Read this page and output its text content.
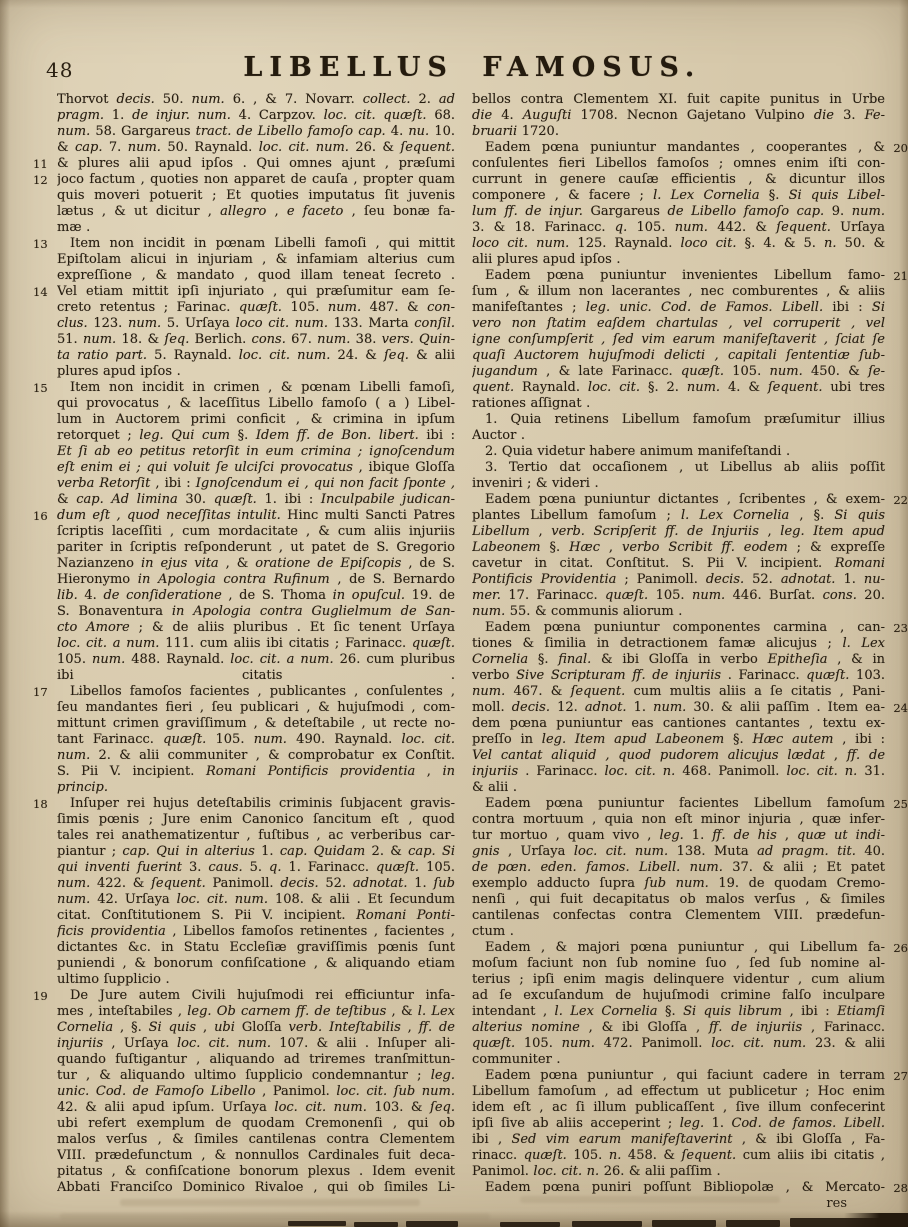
48	LIBELLUS FAMOSUS.
Thorvot decis. 50. num. 6. , & 7. Novarr. collect. 2. ad
pragm. 1. de injur. num. 4. Carpzov. loc. cit. quæſt. 68.
num. 58. Gargareus tract. de Libello famoſo cap. 4. nu. 10.
& cap. 7. num. 50. Raynald. loc. cit. num. 26. & ſequent.
& plures alii apud ipſos . Qui omnes ajunt , præſumi
joco factum , quoties non apparet de cauſa , propter quam
quis moveri potuerit ; Et quoties imputatus ſit juvenis
lætus , & ut dicitur , allegro , e faceto , ſeu bonæ fa-
mæ .
Item non incidit in pœnam Libelli famoſi , qui mittit
Epiſtolam alicui in injuriam , & infamiam alterius cum
expreſſione , & mandato , quod illam teneat ſecreto .
Vel etiam mittit ipſi injuriato , qui præſumitur eam ſe-
creto retentus ; Farinac. quæſt. 105. num. 487. & con-
clus. 123. num. 5. Urſaya loco cit. num. 133. Marta conſil.
51. num. 18. & ſeq. Berlich. cons. 67. num. 38. vers. Quin-
ta ratio part. 5. Raynald. loc. cit. num. 24. & ſeq. & alii
plures apud ipſos .
Item non incidit in crimen , & pœnam Libelli famoſi,
qui provocatus , & laceſſitus Libello famoſo ( a ) Libel-
lum in Auctorem primi conficit , & crimina in ipſum
retorquet ; leg. Qui cum §. Idem ff. de Bon. libert. ibi :
Et ſi ab eo petitus retorſit in eum crimina ; ignoſcendum
eſt enim ei ; qui voluit ſe ulciſci provocatus , ibique Gloſſa
verba Retorſit , ibi : Ignoſcendum ei , qui non facit ſponte ,
& cap. Ad limina 30. quæſt. 1. ibi : Inculpabile judican-
dum eſt , quod neceſſitas intulit. Hinc multi Sancti Patres
ſcriptis laceſſiti , cum mordacitate , & cum aliis injuriis
pariter in ſcriptis reſponderunt , ut patet de S. Gregorio
Nazianzeno in ejus vita , & oratione de Epiſcopis , de S.
Hieronymo in Apologia contra Rufinum , de S. Bernardo
lib. 4. de conſideratione , de S. Thoma in opuſcul. 19. de
S. Bonaventura in Apologia contra Guglielmum de San-
cto Amore ; & de aliis pluribus . Et ſic tenent Urſaya
loc. cit. a num. 111. cum aliis ibi citatis ; Farinacc. quæſt.
105. num. 488. Raynald. loc. cit. a num. 26. cum pluribus
ibi citatis .
Libellos famoſos facientes , publicantes , conſulentes ,
ſeu mandantes fieri , ſeu publicari , & hujuſmodi , com-
mittunt crimen graviſſimum , & deteſtabile , ut recte no-
tant Farinacc. quæſt. 105. num. 490. Raynald. loc. cit.
num. 2. & alii communiter , & comprobatur ex Conſtit.
S. Pii V. incipient. Romani Pontificis providentia , in
princip.
Inſuper rei hujus deteſtabilis criminis ſubjacent gravis-
ſimis pœnis ; Jure enim Canonico ſancitum eſt , quod
tales rei anathematizentur , fuſtibus , ac verberibus car-
piantur ; cap. Qui in alterius 1. cap. Quidam 2. & cap. Si
qui inventi fuerint 3. caus. 5. q. 1. Farinacc. quæſt. 105.
num. 422. & ſequent. Panimoll. decis. 52. adnotat. 1. ſub
num. 42. Urſaya loc. cit. num. 108. & alii . Et ſecundum
citat. Conſtitutionem S. Pii V. incipient. Romani Ponti-
ficis providentia , Libellos famoſos retinentes , facientes ,
dictantes &c. in Statu Eccleſiæ graviſſimis pœnis ſunt
puniendi , & bonorum confiſcatione , & aliquando etiam
ultimo ſupplicio .
De Jure autem Civili hujuſmodi rei efficiuntur infa-
mes , inteſtabiles , leg. Ob carnem ff. de teſtibus , & l. Lex
Cornelia , §. Si quis , ubi Gloſſa verb. Inteſtabilis , ff. de
injuriis , Urſaya loc. cit. num. 107. & alii . Inſuper ali-
quando fuſtigantur , aliquando ad triremes tranſmittun-
tur , & aliquando ultimo ſupplicio condemnantur ; leg.
unic. Cod. de Famoſo Libello , Panimol. loc. cit. ſub num.
42. & alii apud ipſum. Urſaya loc. cit. num. 103. & ſeq.
ubi refert exemplum de quodam Cremonenſi , qui ob
malos verſus , & ſimiles cantilenas contra Clementem
VIII. prædefunctum , & nonnullos Cardinales fuit deca-
pitatus , & confiſcatione bonorum plexus . Idem evenit
Abbati Franciſco Dominico Rivaloe , qui ob ſimiles Li-
11
12
13
14
15
16
17
18
19
bellos contra Clementem XI. fuit capite punitus in Urbe
die 4. Auguſti 1708. Necnon Gajetano Vulpino die 3. Fe-
bruarii 1720.
Eadem pœna puniuntur mandantes , cooperantes , &
conſulentes fieri Libellos famoſos ; omnes enim iſti con-
currunt in genere cauſæ efficientis , & dicuntur illos
componere , & facere ; l. Lex Cornelia §. Si quis Libel-
lum ff. de injur. Gargareus de Libello famoſo cap. 9. num.
3. & 18. Farinacc. q. 105. num. 442. & ſequent. Urſaya
loco cit. num. 125. Raynald. loco cit. §. 4. & 5. n. 50. &
alii plures apud ipſos .
Eadem pœna puniuntur invenientes Libellum famo-
ſum , & illum non lacerantes , nec comburentes , & aliis
manifeſtantes ; leg. unic. Cod. de Famos. Libell. ibi : Si
vero non ſtatim eaſdem chartulas , vel corruperit , vel
igne conſumpſerit , ſed vim earum manifeſtaverit , ſciat ſe
quaſi Auctorem hujuſmodi delicti , capitali ſententiæ ſub-
jugandum , & late Farinacc. quæſt. 105. num. 450. & ſe-
quent. Raynald. loc. cit. §. 2. num. 4. & ſequent. ubi tres
rationes aſſignat .
1. Quia retinens Libellum famoſum præſumitur illius
Auctor .
2. Quia videtur habere animum manifeſtandi .
3. Tertio dat occaſionem , ut Libellus ab aliis poſſit
inveniri ; & videri .
Eadem pœna puniuntur dictantes , ſcribentes , & exem-
plantes Libellum famoſum ; l. Lex Cornelia , §. Si quis
Libellum , verb. Scripſerit ff. de Injuriis , leg. Item apud
Labeonem §. Hæc , verbo Scribit ff. eodem ; & expreſſe
cavetur in citat. Conſtitut. S. Pii V. incipient. Romani
Pontificis Providentia ; Panimoll. decis. 52. adnotat. 1. nu-
mer. 17. Farinacc. quæſt. 105. num. 446. Burſat. cons. 20.
num. 55. & communis aliorum .
Eadem pœna puniuntur componentes carmina , can-
tiones & ſimilia in detractionem famæ alicujus ; l. Lex
Cornelia §. final. & ibi Gloſſa in verbo Epitheſia , & in
verbo Sive Scripturam ff. de injuriis . Farinacc. quæſt. 103.
num. 467. & ſequent. cum multis aliis a ſe citatis , Pani-
moll. decis. 12. adnot. 1. num. 30. & alii paſſim . Item ea-
dem pœna puniuntur eas cantiones cantantes , textu ex-
preſſo in leg. Item apud Labeonem §. Hæc autem , ibi :
Vel cantat aliquid , quod pudorem alicujus lædat , ff. de
injuriis . Farinacc. loc. cit. n. 468. Panimoll. loc. cit. n. 31.
& alii .
Eadem pœna puniuntur facientes Libellum famoſum
contra mortuum , quia non eſt minor injuria , quæ infer-
tur mortuo , quam vivo , leg. 1. ff. de his , quæ ut indi-
gnis , Urſaya loc. cit. num. 138. Muta ad pragm. tit. 40.
de pœn. eden. famos. Libell. num. 37. & alii ; Et patet
exemplo adducto ſupra ſub num. 19. de quodam Cremo-
nenſi , qui fuit decapitatus ob malos verſus , & ſimiles
cantilenas confectas contra Clementem VIII. prædefun-
ctum .
Eadem , & majori pœna puniuntur , qui Libellum fa-
moſum faciunt non ſub nomine ſuo , ſed ſub nomine al-
terius ; ipſi enim magis delinquere videntur , cum alium
ad ſe excuſandum de hujuſmodi crimine falſo inculpare
intendant , l. Lex Cornelia §. Si quis librum , ibi : Etiamſi
alterius nomine , & ibi Gloſſa , ff. de injuriis , Farinacc.
quæſt. 105. num. 472. Panimoll. loc. cit. num. 23. & alii
communiter .
Eadem pœna puniuntur , qui faciunt cadere in terram
Libellum famoſum , ad effectum ut publicetur ; Hoc enim
idem eſt , ac ſi illum publicaſſent , ſive illum confecerint
ipſi ſive ab aliis acceperint ; leg. 1. Cod. de famos. Libell.
ibi , Sed vim earum manifeſtaverint , & ibi Gloſſa , Fa-
rinacc. quæſt. 105. n. 458. & ſequent. cum aliis ibi citatis ,
Panimol. loc. cit. n. 26. & alii paſſim .
Eadem pœna puniri poſſunt Bibliopolæ , & Mercato-
20
21
22
23
24
25
26
27
28
res
